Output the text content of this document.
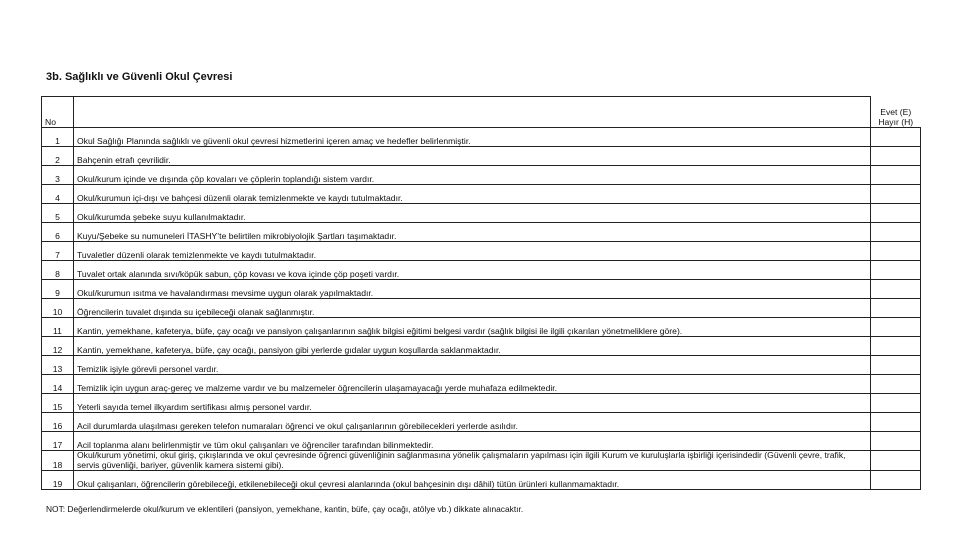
3b. Sağlıklı ve Güvenli Okul Çevresi
No		Evet (E)
Hayır (H)

1	Okul Sağlığı Planında sağlıklı ve güvenli okul çevresi hizmetlerini içeren amaç ve hedefler belirlenmiştir.	
2	Bahçenin etrafı çevrilidir.	
3	Okul/kurum içinde ve dışında çöp kovaları ve çöplerin toplandığı sistem vardır.	
4	Okul/kurumun içi-dışı ve bahçesi düzenli olarak temizlenmekte ve kaydı tutulmaktadır.	
5	Okul/kurumda şebeke suyu kullanılmaktadır.	
6	Kuyu/Şebeke su numuneleri İTASHY’te belirtilen mikrobiyolojik Şartları taşımaktadır.	
7	Tuvaletler düzenli olarak temizlenmekte ve kaydı tutulmaktadır.	
8	Tuvalet ortak alanında sıvı/köpük sabun, çöp kovası ve kova içinde çöp poşeti vardır.	
9	Okul/kurumun ısıtma ve havalandırması mevsime uygun olarak yapılmaktadır.	
10	Öğrencilerin tuvalet dışında su içebileceği olanak sağlanmıştır.	
11	Kantin, yemekhane, kafeterya, büfe, çay ocağı ve pansiyon çalışanlarının sağlık bilgisi eğitimi belgesi vardır (sağlık bilgisi ile ilgili çıkarılan yönetmeliklere göre).	
12	Kantin, yemekhane, kafeterya, büfe, çay ocağı, pansiyon gibi yerlerde gıdalar uygun koşullarda saklanmaktadır.	
13	Temizlik işiyle görevli personel vardır.	
14	Temizlik için uygun araç-gereç ve malzeme vardır ve bu malzemeler öğrencilerin ulaşamayacağı yerde muhafaza edilmektedir.	
15	Yeterli sayıda temel ilkyardım sertifikası almış personel vardır.	
16	Acil durumlarda ulaşılması gereken telefon numaraları öğrenci ve okul çalışanlarının görebilecekleri yerlerde asılıdır.	
17	Acil toplanma alanı belirlenmiştir ve tüm okul çalışanları ve öğrenciler tarafından bilinmektedir.	
18	Okul/kurum yönetimi, okul giriş, çıkışlarında ve okul çevresinde öğrenci güvenliğinin sağlanmasına yönelik çalışmaların yapılması için ilgili Kurum ve kuruluşlarla işbirliği içerisindedir (Güvenli çevre, trafik, servis güvenliği, bariyer, güvenlik kamera sistemi gibi).	
19	Okul çalışanları, öğrencilerin görebileceği, etkilenebileceği okul çevresi alanlarında (okul bahçesinin dışı dâhil) tütün ürünleri kullanmamaktadır.	
NOT: Değerlendirmelerde okul/kurum ve eklentileri (pansiyon, yemekhane, kantin, büfe, çay ocağı, atölye vb.) dikkate alınacaktır.
